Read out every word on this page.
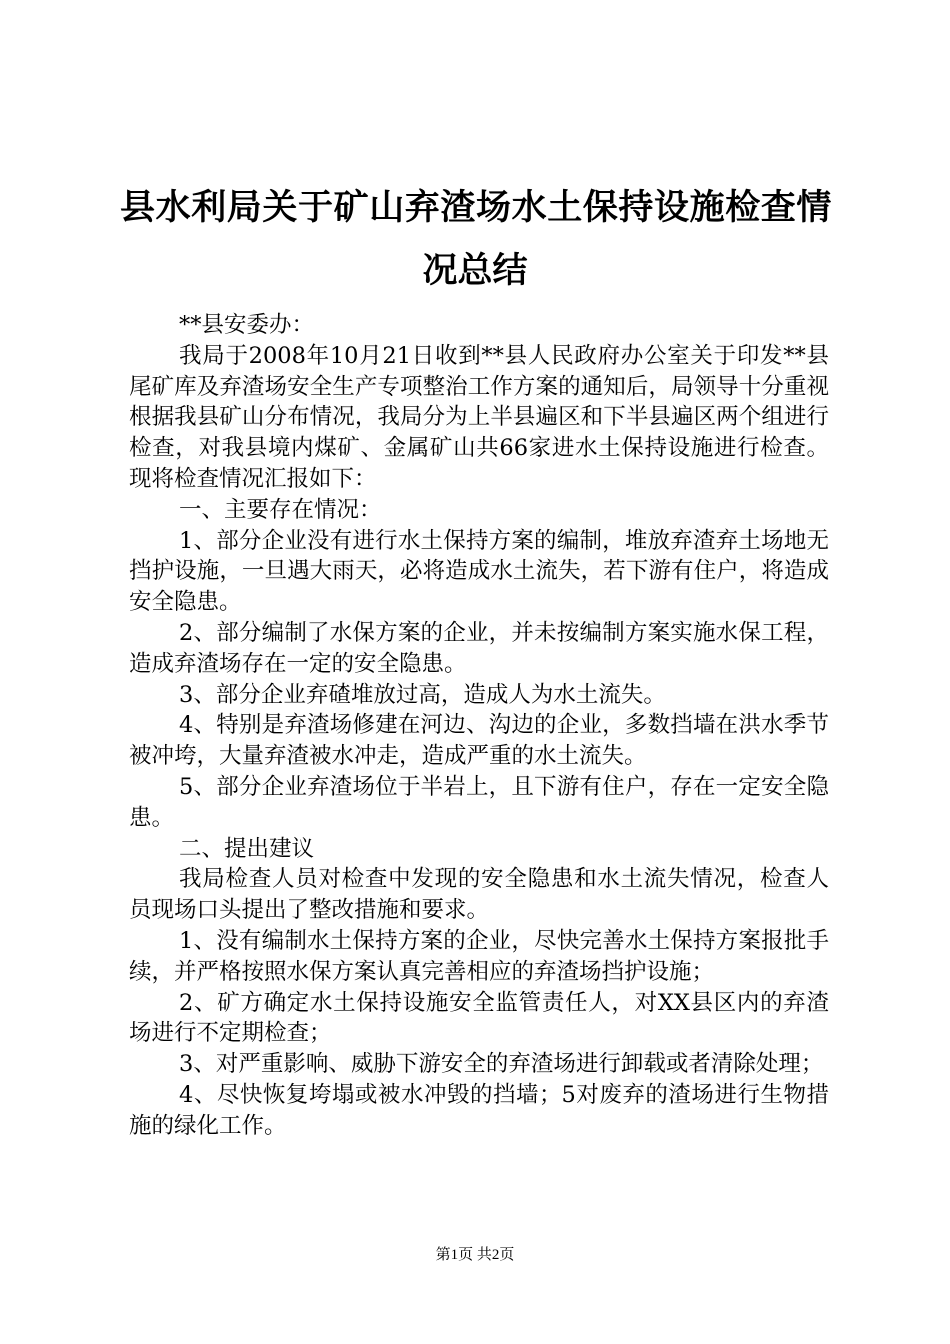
县水利局关于矿山弃渣场水土保持设施检查情
况总结

**县安委办：

我局于2008年10月21日收到**县人民政府办公室关于印发**县尾矿库及弃渣场安全生产专项整治工作方案的通知后，局领导十分重视根据我县矿山分布情况，我局分为上半县遍区和下半县遍区两个组进行检查，对我县境内煤矿、金属矿山共66家进水土保持设施进行检查。现将检查情况汇报如下：

一、主要存在情况：

1、部分企业没有进行水土保持方案的编制，堆放弃渣弃土场地无挡护设施，一旦遇大雨天，必将造成水土流失，若下游有住户，将造成安全隐患。

2、部分编制了水保方案的企业，并未按编制方案实施水保工程，造成弃渣场存在一定的安全隐患。

3、部分企业弃碴堆放过高，造成人为水土流失。

4、特别是弃渣场修建在河边、沟边的企业，多数挡墙在洪水季节被冲垮，大量弃渣被水冲走，造成严重的水土流失。

5、部分企业弃渣场位于半岩上，且下游有住户，存在一定安全隐患。

二、提出建议

我局检查人员对检查中发现的安全隐患和水土流失情况，检查人员现场口头提出了整改措施和要求。

1、没有编制水土保持方案的企业，尽快完善水土保持方案报批手续，并严格按照水保方案认真完善相应的弃渣场挡护设施；

2、矿方确定水土保持设施安全监管责任人，对XX县区内的弃渣场进行不定期检查；

3、对严重影响、威胁下游安全的弃渣场进行卸载或者清除处理；

4、尽快恢复垮塌或被水冲毁的挡墙；5对废弃的渣场进行生物措施的绿化工作。

第1页 共2页
